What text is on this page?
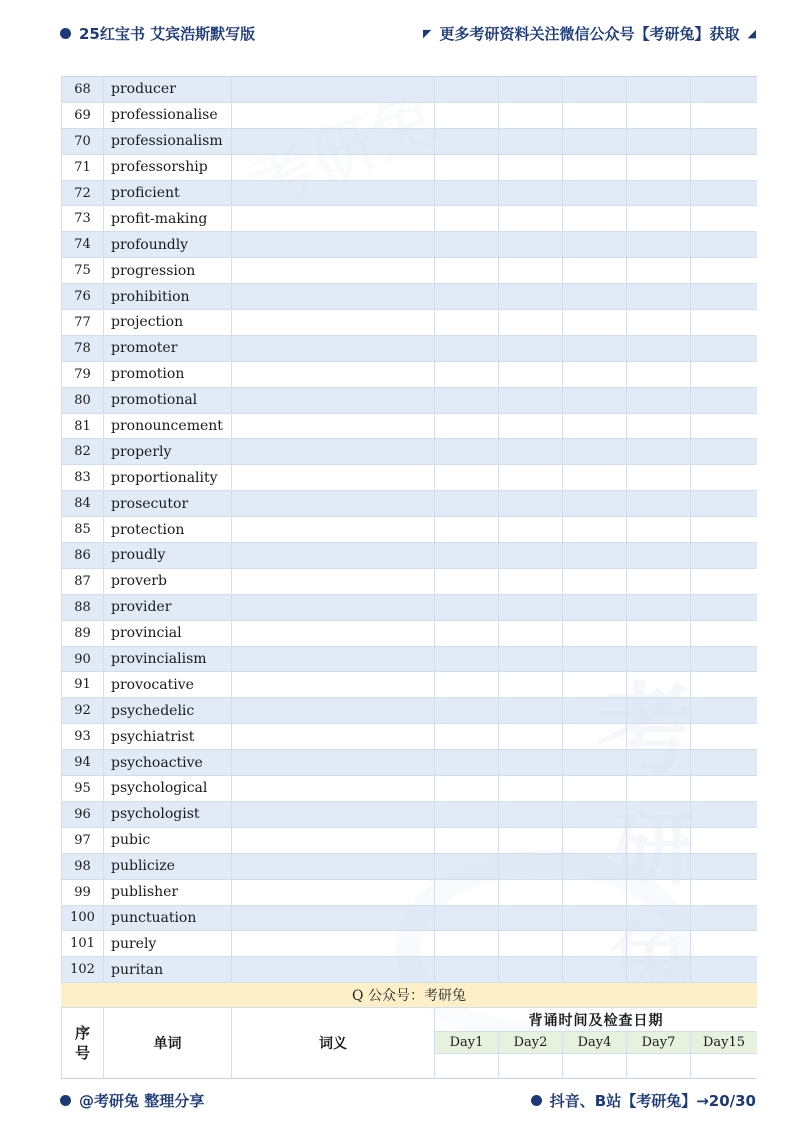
25红宝书 艾宾浩斯默写版	◤ 更多考研资料关注微信公众号【考研兔】获取 ◢
68	producer
69	professionalise
70	professionalism
71	professorship
72	proficient
73	profit-making
74	profoundly
75	progression
76	prohibition
77	projection
78	promoter
79	promotion
80	promotional
81	pronouncement
82	properly
83	proportionality
84	prosecutor
85	protection
86	proudly
87	proverb
88	provider
89	provincial
90	provincialism
91	provocative
92	psychedelic
93	psychiatrist
94	psychoactive
95	psychological
96	psychologist
97	pubic
98	publicize
99	publisher
100	punctuation
101	purely
102	puritan
Q 公众号：考研兔
序
号	单词	词义
背诵时间及检查日期
Day1	Day2	Day4	Day7	Day15
@考研兔 整理分享	抖音、B站【考研兔】→20/30
